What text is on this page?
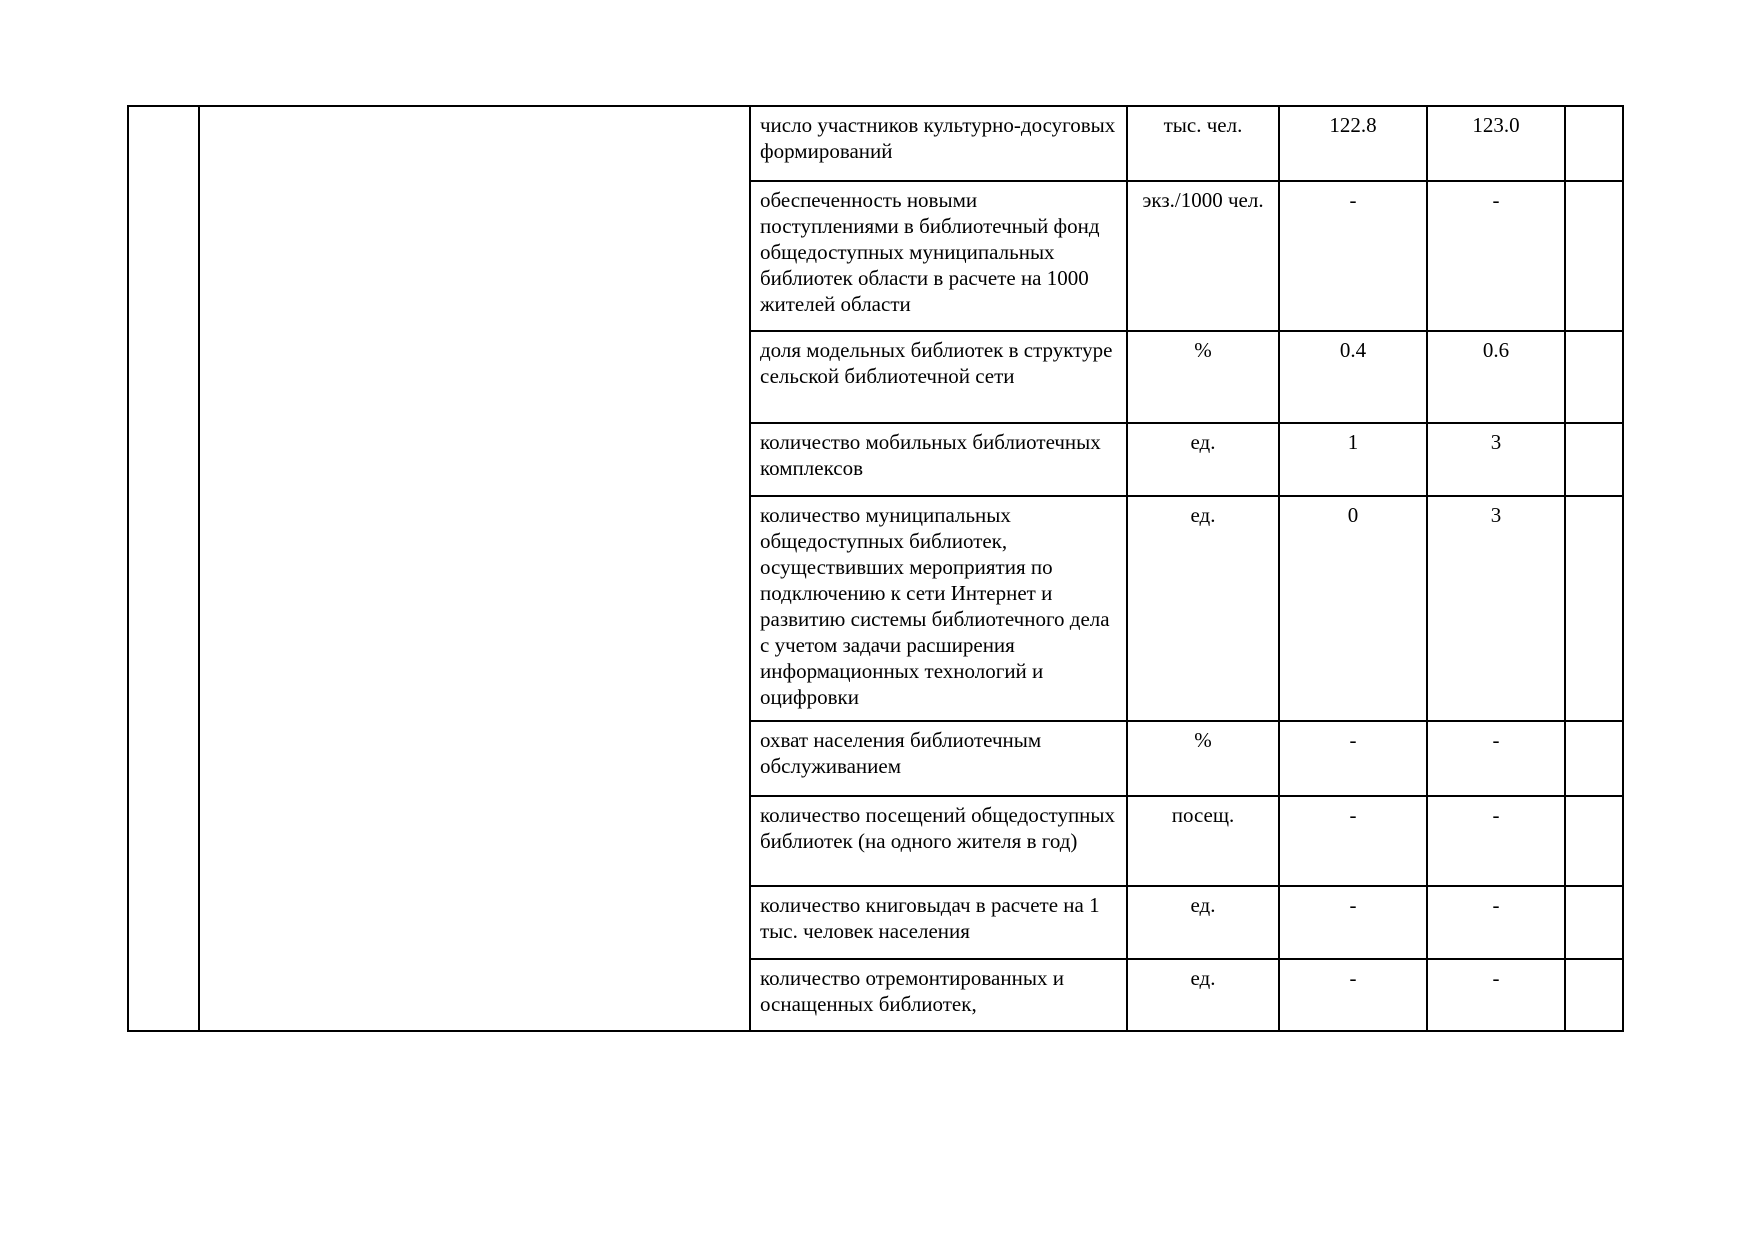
		число участников культурно-досуговых формирований	тыс. чел.	122.8	123.0	
		обеспеченность новыми поступлениями в библиотечный фонд общедоступных муниципальных библиотек области в расчете на 1000 жителей области	экз./1000 чел.	-	-	
		доля модельных библиотек в структуре сельской библиотечной сети	%	0.4	0.6	
		количество мобильных библиотечных комплексов	ед.	1	3	
		количество муниципальных общедоступных библиотек, осуществивших мероприятия по подключению к сети Интернет и развитию системы библиотечного дела с учетом задачи расширения информационных технологий и оцифровки	ед.	0	3	
		охват населения библиотечным обслуживанием	%	-	-	
		количество посещений общедоступных библиотек (на одного жителя в год)	посещ.	-	-	
		количество книговыдач в расчете на 1 тыс. человек населения	ед.	-	-	
		количество отремонтированных и оснащенных библиотек,	ед.	-	-	
